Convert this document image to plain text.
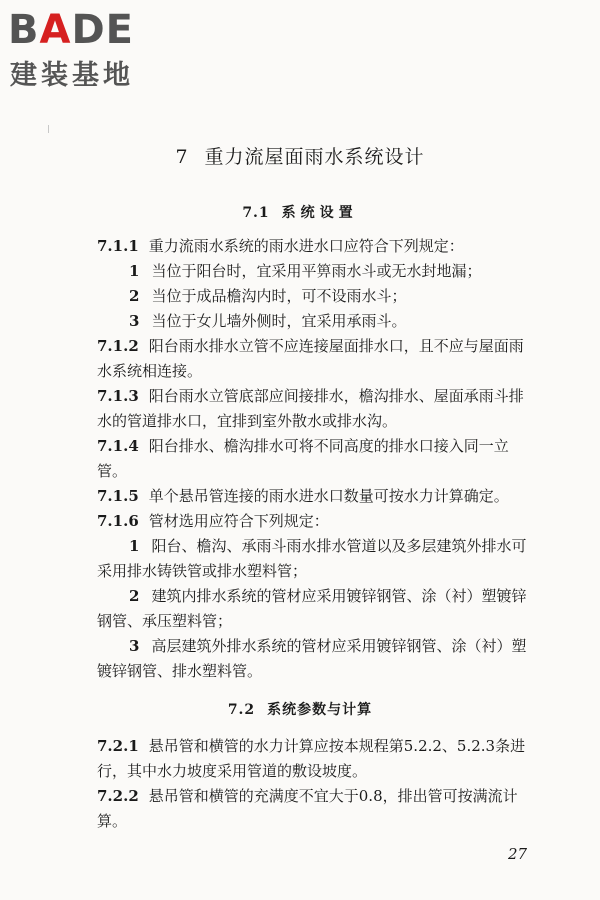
BADE

建装基地

7 重力流屋面雨水系统设计
7.1 系统设置

7.1.1 重力流雨水系统的雨水进水口应符合下列规定：

1 当位于阳台时，宜采用平箅雨水斗或无水封地漏；

2 当位于成品檐沟内时，可不设雨水斗；

3 当位于女儿墙外侧时，宜采用承雨斗。

7.1.2 阳台雨水排水立管不应连接屋面排水口，且不应与屋面雨水系统相连接。

7.1.3 阳台雨水立管底部应间接排水，檐沟排水、屋面承雨斗排水的管道排水口，宜排到室外散水或排水沟。

7.1.4 阳台排水、檐沟排水可将不同高度的排水口接入同一立管。

7.1.5 单个悬吊管连接的雨水进水口数量可按水力计算确定。

7.1.6 管材选用应符合下列规定：

1 阳台、檐沟、承雨斗雨水排水管道以及多层建筑外排水可采用排水铸铁管或排水塑料管；

2 建筑内排水系统的管材应采用镀锌钢管、涂（衬）塑镀锌钢管、承压塑料管；

3 高层建筑外排水系统的管材应采用镀锌钢管、涂（衬）塑镀锌钢管、排水塑料管。

7.2 系统参数与计算

7.2.1 悬吊管和横管的水力计算应按本规程第5.2.2、5.2.3条进行，其中水力坡度采用管道的敷设坡度。

7.2.2 悬吊管和横管的充满度不宜大于0.8，排出管可按满流计算。

27
